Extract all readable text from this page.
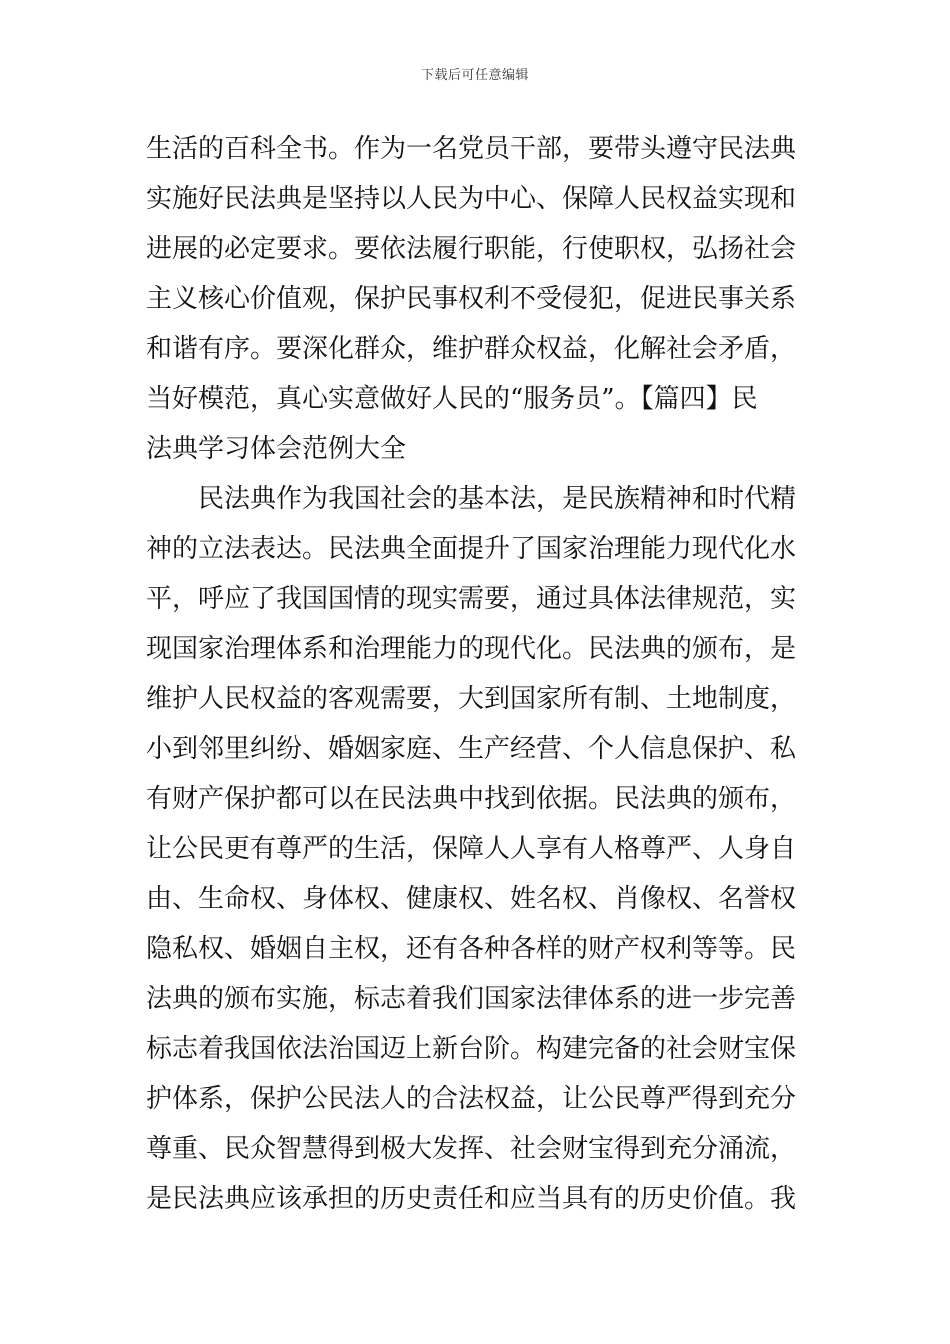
下载后可任意编辑
生活的百科全书。作为一名党员干部，要带头遵守民法典
实施好民法典是坚持以人民为中心、保障人民权益实现和
进展的必定要求。要依法履行职能，行使职权，弘扬社会
主义核心价值观，保护民事权利不受侵犯，促进民事关系
和谐有序。要深化群众，维护群众权益，化解社会矛盾，
当好模范，真心实意做好人民的“服务员”。【篇四】民
法典学习体会范例大全
民法典作为我国社会的基本法，是民族精神和时代精
神的立法表达。民法典全面提升了国家治理能力现代化水
平，呼应了我国国情的现实需要，通过具体法律规范，实
现国家治理体系和治理能力的现代化。民法典的颁布，是
维护人民权益的客观需要，大到国家所有制、土地制度，
小到邻里纠纷、婚姻家庭、生产经营、个人信息保护、私
有财产保护都可以在民法典中找到依据。民法典的颁布，
让公民更有尊严的生活，保障人人享有人格尊严、人身自
由、生命权、身体权、健康权、姓名权、肖像权、名誉权
隐私权、婚姻自主权，还有各种各样的财产权利等等。民
法典的颁布实施，标志着我们国家法律体系的进一步完善
标志着我国依法治国迈上新台阶。构建完备的社会财宝保
护体系，保护公民法人的合法权益，让公民尊严得到充分
尊重、民众智慧得到极大发挥、社会财宝得到充分涌流，
是民法典应该承担的历史责任和应当具有的历史价值。我
